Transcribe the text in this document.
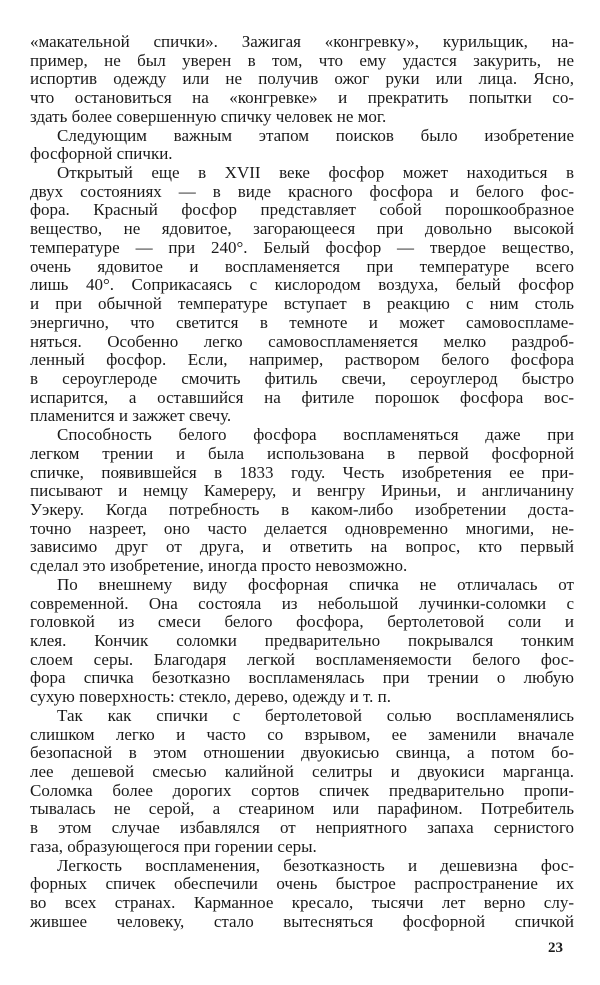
«макательной спички». Зажигая «конгревку», курильщик, на-
пример, не был уверен в том, что ему удастся закурить, не
испортив одежду или не получив ожог руки или лица. Ясно,
что остановиться на «конгревке» и прекратить попытки со-
здать более совершенную спичку человек не мог.
Следующим важным этапом поисков было изобретение
фосфорной спички.
Открытый еще в XVII веке фосфор может находиться в
двух состояниях — в виде красного фосфора и белого фос-
фора. Красный фосфор представляет собой порошкообразное
вещество, не ядовитое, загорающееся при довольно высокой
температуре — при 240°. Белый фосфор — твердое вещество,
очень ядовитое и воспламеняется при температуре всего
лишь 40°. Соприкасаясь с кислородом воздуха, белый фосфор
и при обычной температуре вступает в реакцию с ним столь
энергично, что светится в темноте и может самовоспламе-
няться. Особенно легко самовоспламеняется мелко раздроб-
ленный фосфор. Если, например, раствором белого фосфора
в сероуглероде смочить фитиль свечи, сероуглерод быстро
испарится, а оставшийся на фитиле порошок фосфора вос-
пламенится и зажжет свечу.
Способность белого фосфора воспламеняться даже при
легком трении и была использована в первой фосфорной
спичке, появившейся в 1833 году. Честь изобретения ее при-
писывают и немцу Камереру, и венгру Ириньи, и англичанину
Уэкеру. Когда потребность в каком-либо изобретении доста-
точно назреет, оно часто делается одновременно многими, не-
зависимо друг от друга, и ответить на вопрос, кто первый
сделал это изобретение, иногда просто невозможно.
По внешнему виду фосфорная спичка не отличалась от
современной. Она состояла из небольшой лучинки-соломки с
головкой из смеси белого фосфора, бертолетовой соли и
клея. Кончик соломки предварительно покрывался тонким
слоем серы. Благодаря легкой воспламеняемости белого фос-
фора спичка безотказно воспламенялась при трении о любую
сухую поверхность: стекло, дерево, одежду и т. п.
Так как спички с бертолетовой солью воспламенялись
слишком легко и часто со взрывом, ее заменили вначале
безопасной в этом отношении двуокисью свинца, а потом бо-
лее дешевой смесью калийной селитры и двуокиси марганца.
Соломка более дорогих сортов спичек предварительно пропи-
тывалась не серой, а стеарином или парафином. Потребитель
в этом случае избавлялся от неприятного запаха сернистого
газа, образующегося при горении серы.
Легкость воспламенения, безотказность и дешевизна фос-
форных спичек обеспечили очень быстрое распространение их
во всех странах. Карманное кресало, тысячи лет верно слу-
жившее человеку, стало вытесняться фосфорной спичкой
23
